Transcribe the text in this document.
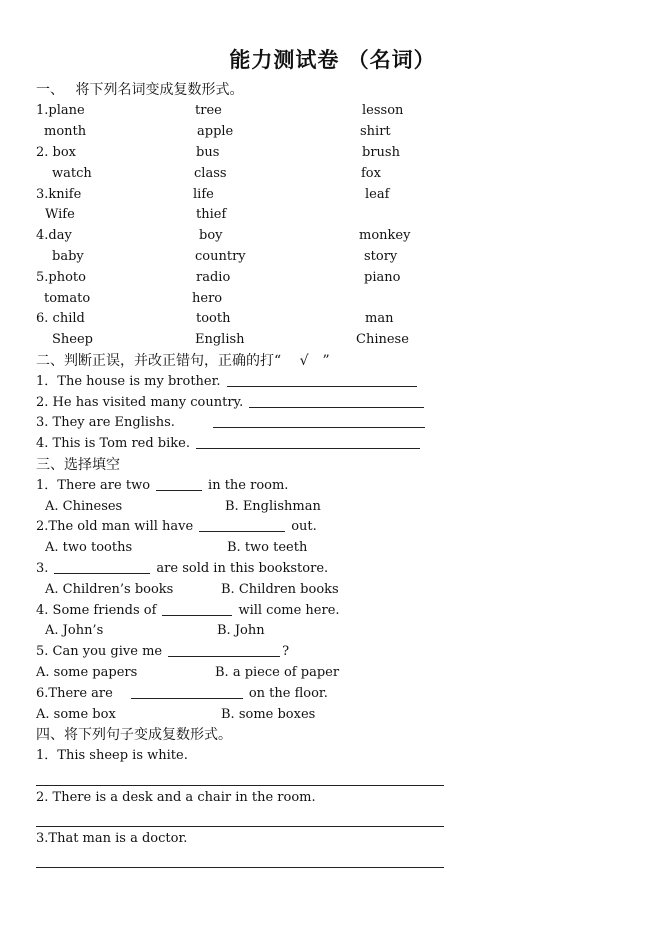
能力测试卷 （名词）
一、　 将下列名词变成复数形式。
1.plane	tree	lesson
month	apple	shirt
2. box	bus	brush
watch	class	fox
3.knife	life	leaf
Wife	thief
4.day	boy	monkey
baby	country	story
5.photo	radio	piano
tomato	hero
6. child	tooth	man
Sheep	English	Chinese
二、判断正误，并改正错句，正确的打“　 √　”
1．The house is my brother.
2. He has visited many country.
3. They are Englishs.
4. This is Tom red bike.
三、选择填空
1．There are two	in the room.
A. Chineses	B. Englishman
2.The old man will have	out.
A. two tooths	B. two teeth
3.	are sold in this bookstore.
A. Children’s books	B. Children books
4. Some friends of	will come here.
A. John’s	B. John
5. Can you give me	?
A. some papers	B. a piece of paper
6.There are	on the floor.
A. some box	B. some boxes
四、将下列句子变成复数形式。
1．This sheep is white.
2. There is a desk and a chair in the room.
3.That man is a doctor.
